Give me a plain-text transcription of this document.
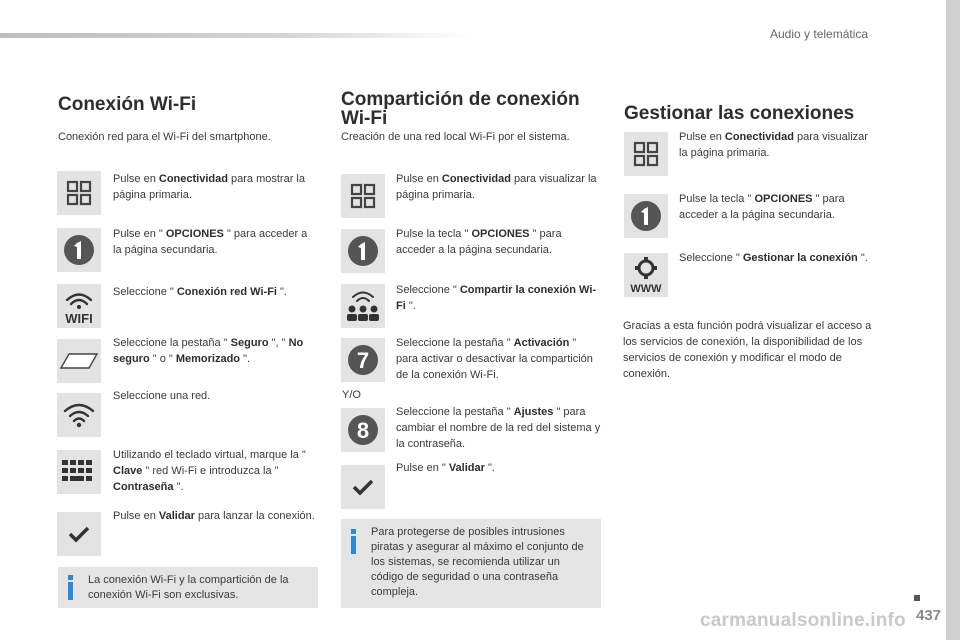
Audio y telemática
Conexión Wi-Fi
Conexión red para el Wi-Fi del smartphone.
Pulse en Conectividad para mostrar la página primaria.
Pulse en " OPCIONES " para acceder a la página secundaria.
WIFI
Seleccione " Conexión red Wi-Fi ".
Seleccione la pestaña " Seguro ", " No seguro " o " Memorizado ".
Seleccione una red.
Utilizando el teclado virtual, marque la " Clave " red Wi-Fi e introduzca la " Contraseña ".
Pulse en Validar para lanzar la conexión.
La conexión Wi-Fi y la compartición de la conexión Wi-Fi son exclusivas.
Compartición de conexión Wi-Fi
Creación de una red local Wi-Fi por el sistema.
Pulse en Conectividad para visualizar la página primaria.
Pulse la tecla " OPCIONES " para acceder a la página secundaria.
Seleccione " Compartir la conexión Wi-Fi ".
7
Seleccione la pestaña " Activación " para activar o desactivar la compartición de la conexión Wi-Fi.
Y/O
8
Seleccione la pestaña " Ajustes " para cambiar el nombre de la red del sistema y la contraseña.
Pulse en " Validar ".
Para protegerse de posibles intrusiones piratas y asegurar al máximo el conjunto de los sistemas, se recomienda utilizar un código de seguridad o una contraseña compleja.
Gestionar las conexiones
Pulse en Conectividad para visualizar la página primaria.
Pulse la tecla " OPCIONES " para acceder a la página secundaria.
WWW
Seleccione " Gestionar la conexión ".
Gracias a esta función podrá visualizar el acceso a los servicios de conexión, la disponibilidad de los servicios de conexión y modificar el modo de conexión.
437
carmanualsonline.info
